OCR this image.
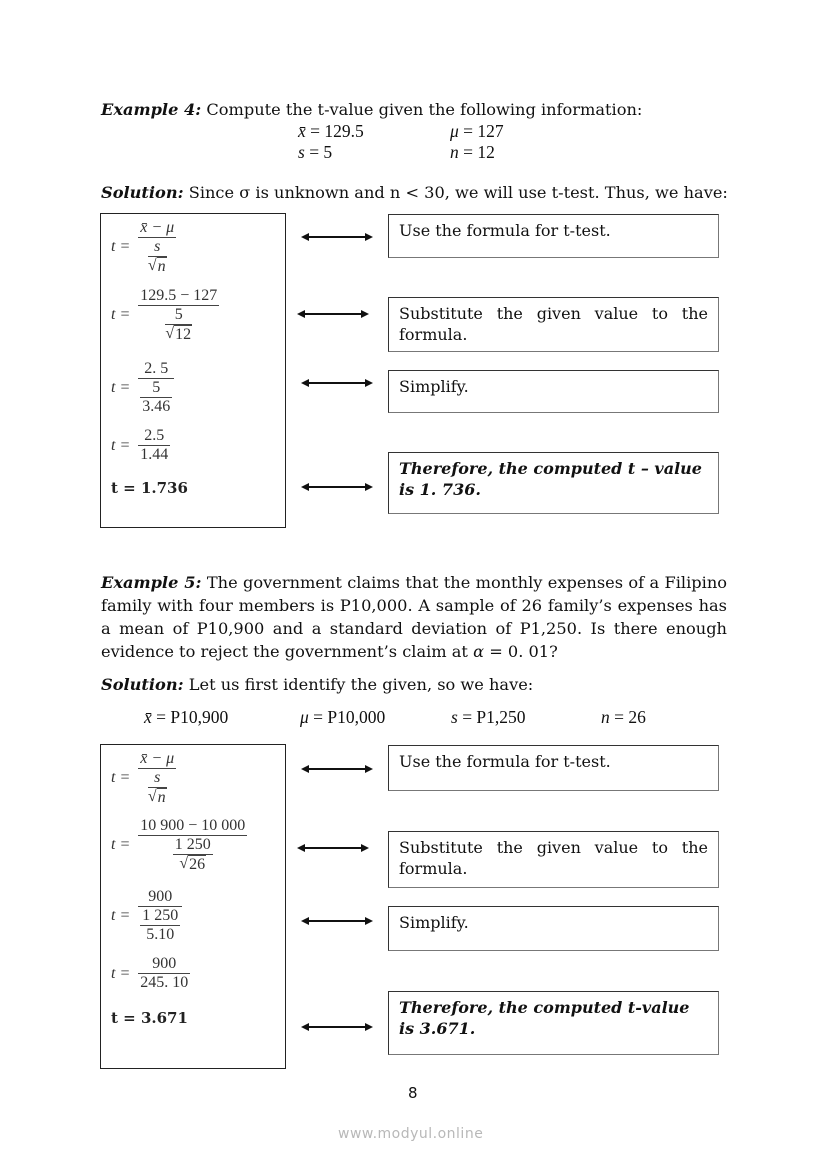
Example 4: Compute the t-value given the following information:
x̄ = 129.5	μ = 127
s = 5	n = 12
Solution: Since σ is unknown and n < 30, we will use t-test. Thus, we have:
$t = \frac{x̄ - \mu}{\frac{s}{√ n}}$
$t = \frac{129.5 - 127}{\frac{5}{√ 12}}$
$t = \frac{2. 5}{\frac{5}{3.46}}$
$t = \frac{2.5}{1.44}$
t = 1.736
Use the formula for t-test.
Substitute the given value to the formula.
Simplify.
Therefore, the computed t – value is 1. 736.
Example 5: The government claims that the monthly expenses of a Filipino family with four members is P10,000. A sample of 26 family’s expenses has a mean of P10,900 and a standard deviation of P1,250. Is there enough evidence to reject the government’s claim at α = 0. 01?
Solution: Let us first identify the given, so we have:
x̄ = P10,900	μ = P10,000	s = P1,250	n = 26
$t = \frac{x̄ - \mu}{\frac{s}{√ n}}$
$t = \frac{10 900 - 10 000}{\frac{1 250}{√ 26}}$
$t = \frac{900}{\frac{1 250}{5.10}}$
$t = \frac{900}{245. 10}$
t = 3.671
Use the formula for t-test.
Substitute the given value to the formula.
Simplify.
Therefore, the computed t-value is 3.671.
8
www.modyul.online
